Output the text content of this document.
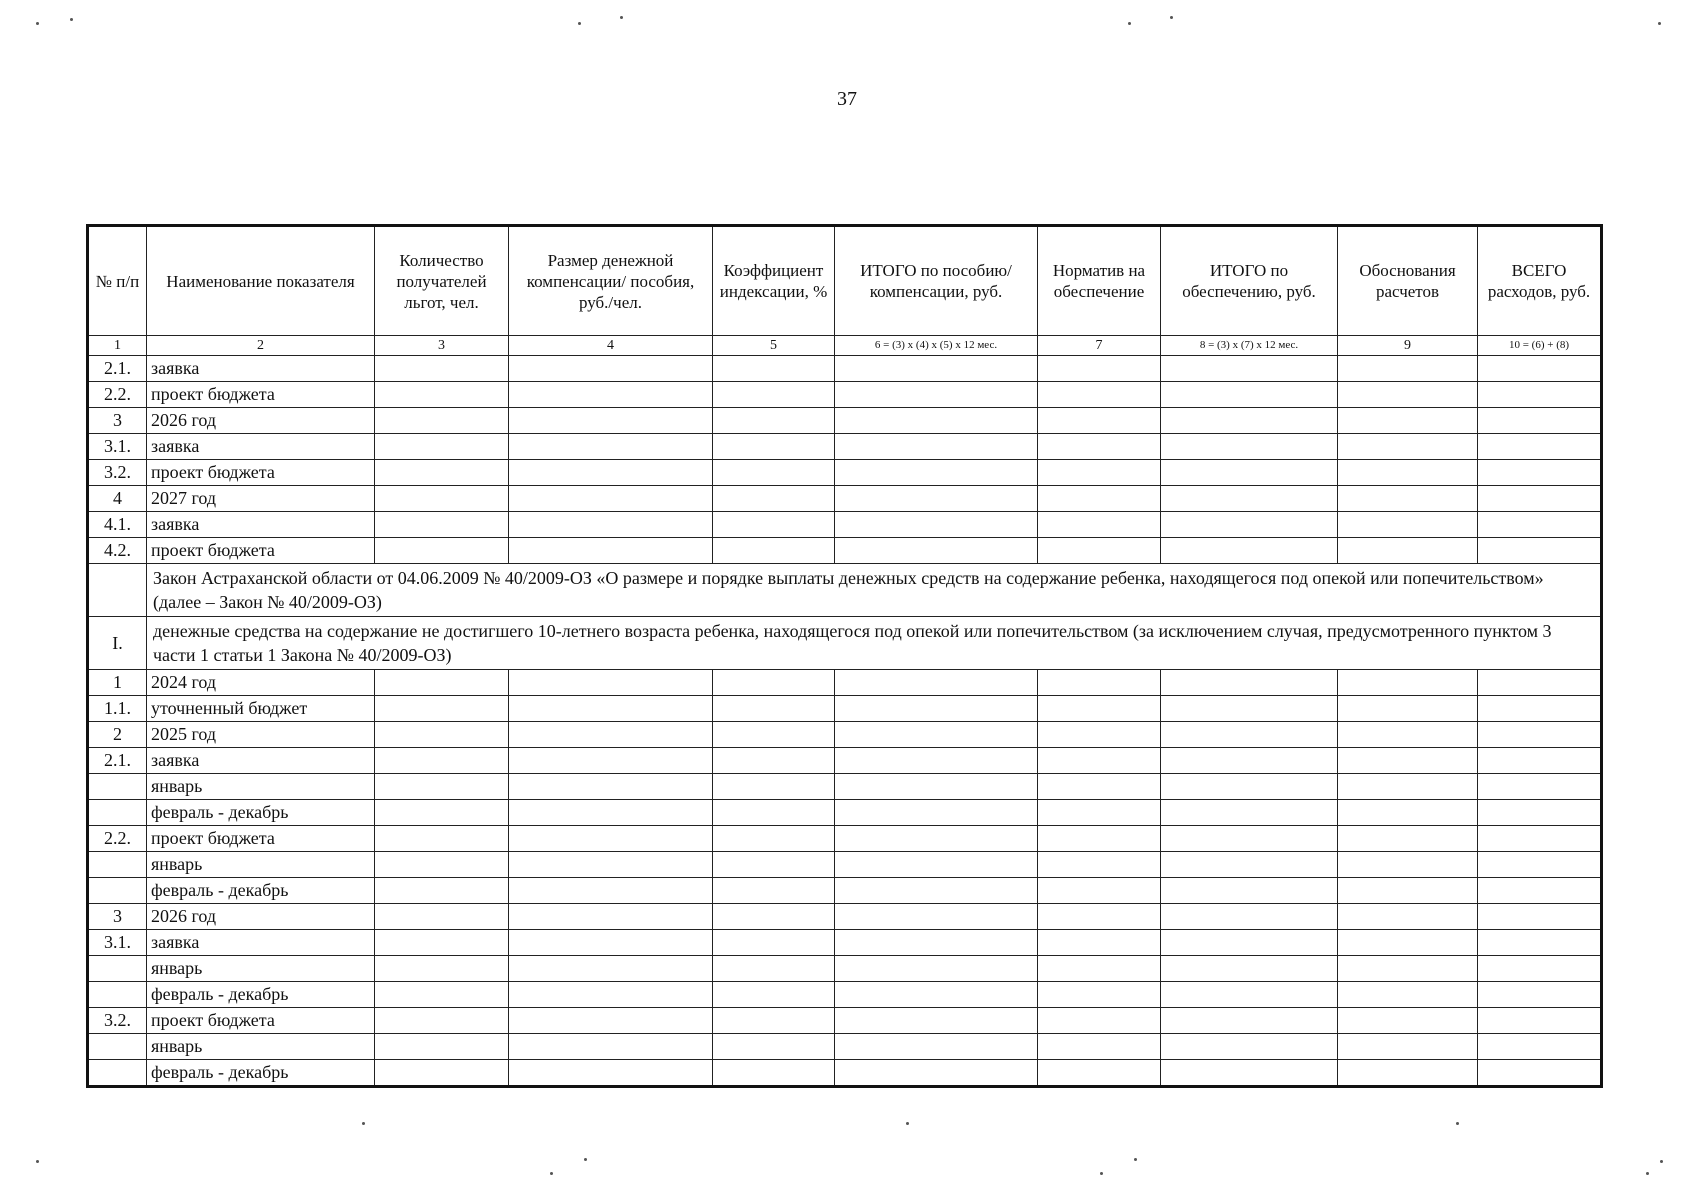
37
№ п/п	Наименование показателя	Количество получателей льгот, чел.	Размер денежной компенсации/ пособия, руб./чел.	Коэффициент индексации, %	ИТОГО по пособию/ компенсации, руб.	Норматив на обеспечение	ИТОГО по обеспечению, руб.	Обоснования расчетов	ВСЕГО расходов, руб.
1	2	3	4	5	6 = (3) x (4) x (5) x 12 мес.	7	8 = (3) x (7) x 12 мес.	9	10 = (6) + (8)
2.1.	заявка								
2.2.	проект бюджета								
3	2026 год								
3.1.	заявка								
3.2.	проект бюджета								
4	2027 год								
4.1.	заявка								
4.2.	проект бюджета								
	Закон Астраханской области от 04.06.2009 № 40/2009-ОЗ «О размере и порядке выплаты денежных средств на содержание ребенка, находящегося под опекой или попечительством» (далее – Закон № 40/2009-ОЗ)								
I.	денежные средства на содержание не достигшего 10-летнего возраста ребенка, находящегося под опекой или попечительством (за исключением случая, предусмотренного пунктом 3 части 1 статьи 1 Закона № 40/2009-ОЗ)								
1	2024 год								
1.1.	уточненный бюджет								
2	2025 год								
2.1.	заявка								
	январь								
	февраль - декабрь								
2.2.	проект бюджета								
	январь								
	февраль - декабрь								
3	2026 год								
3.1.	заявка								
	январь								
	февраль - декабрь								
3.2.	проект бюджета								
	январь								
	февраль - декабрь								
